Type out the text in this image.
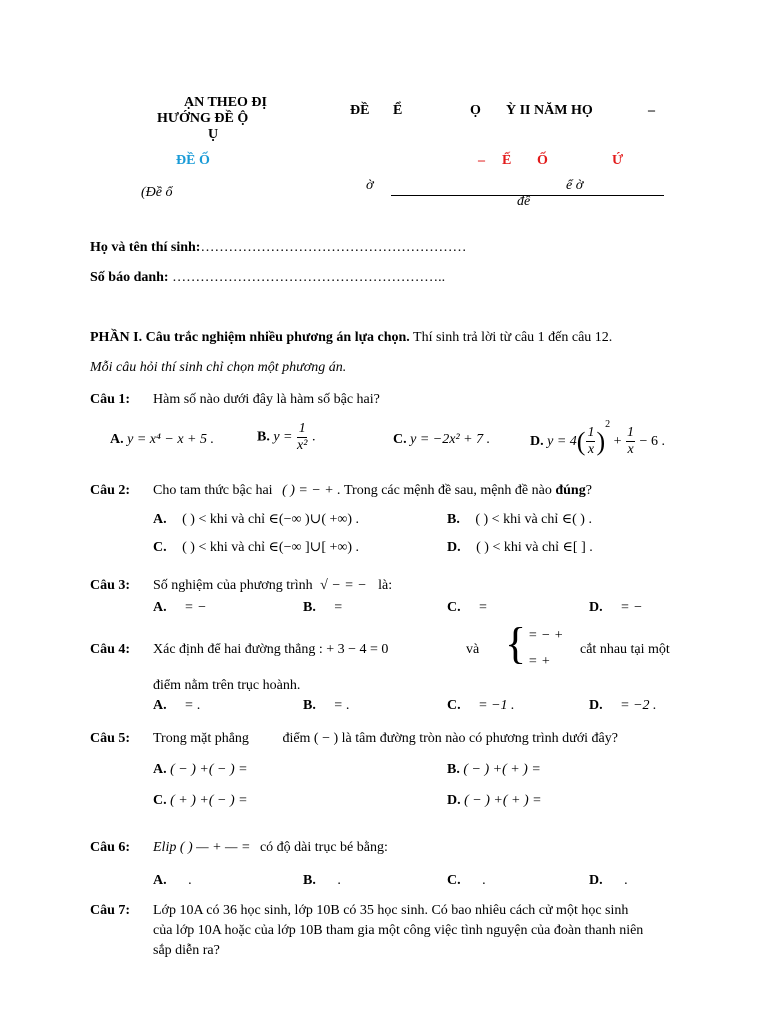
ẠN THEO ĐỊ
HƯỚNG ĐỀ Ộ
Ụ
ĐỀ Ể	Ọ Ỳ II NĂM HỌ	–
ĐỀ Ố	– Ế Ố	Ứ
(Đề ổ	ờ	ể ờ
đề
Họ và tên thí sinh:…………………………………………………
Số báo danh: …………………………………………………..
PHẦN I. Câu trắc nghiệm nhiều phương án lựa chọn. Thí sinh trả lời từ câu 1 đến câu 12.
Mỗi câu hỏi thí sinh chỉ chọn một phương án.
Câu 1: Hàm số nào dưới đây là hàm số bậc hai?
A. y = x⁴ − x + 5 .	B. $y = \frac{1}{\text{x²}}$ .	C. y = −2x² + 7 .	D. $y = 4( \frac{1}{x} )^2 + \frac{1}{x} - 6$ .
Câu 2: Cho tam thức bậc hai ( ) = − + . Trong các mệnh đề sau, mệnh đề nào đúng?
A. ( ) < khi và chỉ ∈(−∞ )∪( +∞) .	B. ( ) < khi và chỉ ∈( ) .
C. ( ) < khi và chỉ ∈(−∞ ]∪[ +∞) .	D. ( ) < khi và chỉ ∈[ ] .
Câu 3: Số nghiệm của phương trình √ − = − là:
A. = −	B. =	C. =	D. = −
Câu 4: Xác định để hai đường thẳng : + 3 − 4 = 0	và { = − +
= +
cắt nhau tại một
điểm nằm trên trục hoành.
A. = .	B. = .	C. = −1 .	D. = −2 .
Câu 5: Trong mặt phẳng điểm ( − ) là tâm đường tròn nào có phương trình dưới đây?
A. ( − ) +( − ) =	B. ( − ) +( + ) =
C. ( + ) +( − ) =	D. ( − ) +( + ) =
Câu 6: Elip ( ) — + — = có độ dài trục bé bằng:
A. .	B. .	C. .	D. .
Câu 7: Lớp 10A có 36 học sinh, lớp 10B có 35 học sinh. Có bao nhiêu cách cử một học sinh
của lớp 10A hoặc của lớp 10B tham gia một công việc tình nguyện của đoàn thanh niên
sắp diễn ra?
